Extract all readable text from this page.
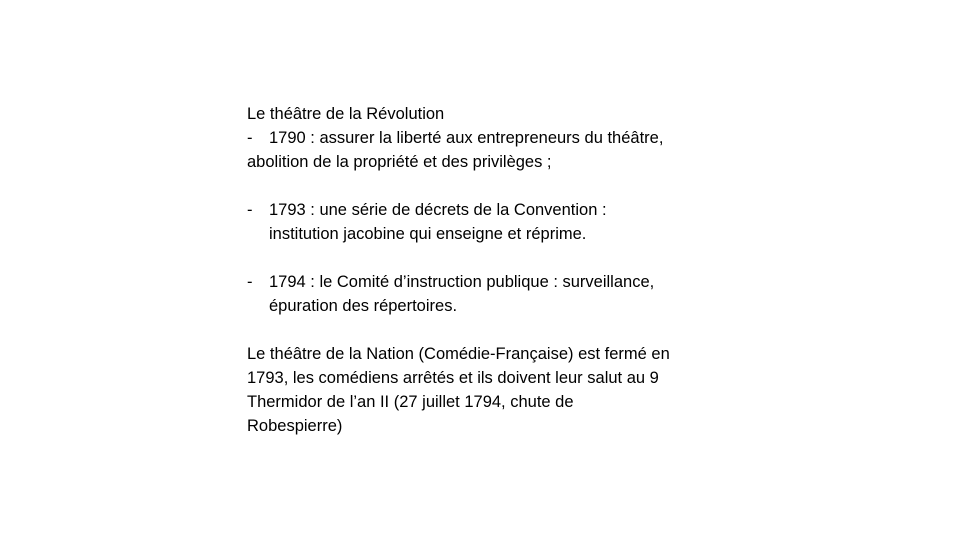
Le théâtre de la Révolution
-	1790 : assurer la liberté aux entrepreneurs du théâtre,
abolition de la propriété et des privilèges ;
-	1793 : une série de décrets de la Convention :
institution jacobine qui enseigne et réprime.
-	1794 : le Comité d’instruction publique : surveillance,
épuration des répertoires.
Le théâtre de la Nation (Comédie-Française) est fermé en
1793, les comédiens arrêtés et ils doivent leur salut au 9
Thermidor de l’an II (27 juillet 1794, chute de
Robespierre)
